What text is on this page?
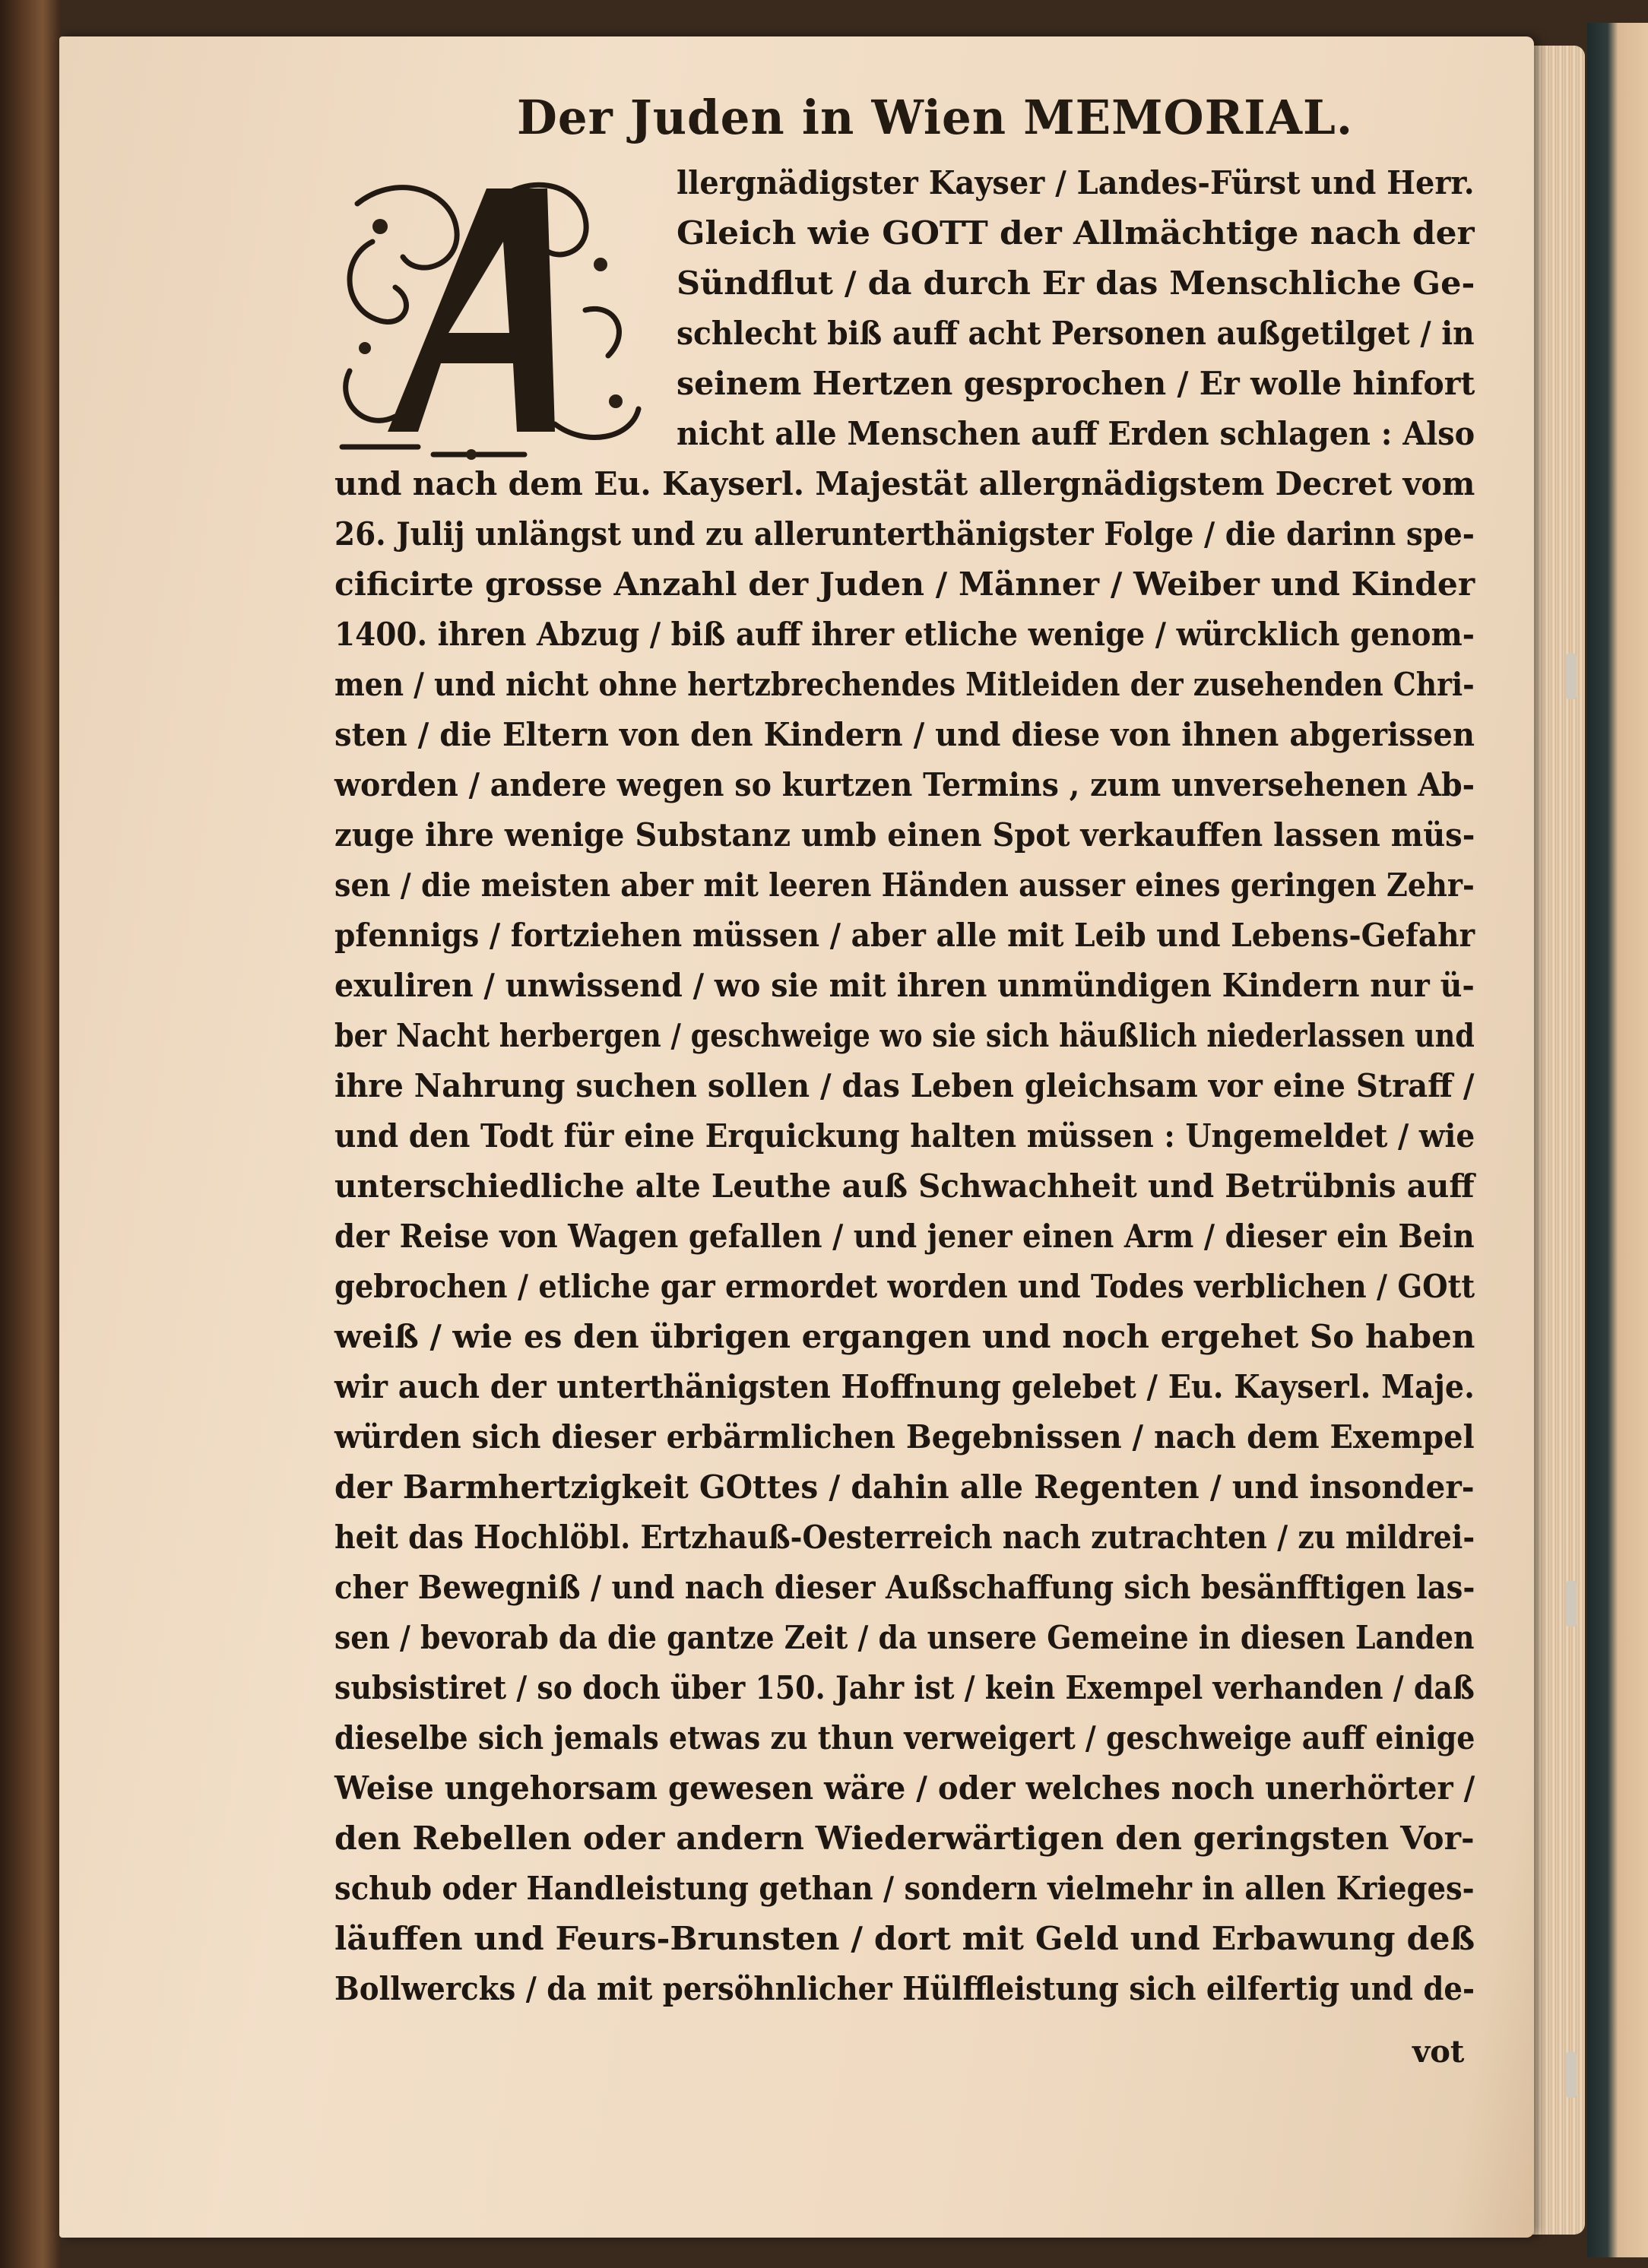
Der Juden in Wien MEMORIAL.
llergnädigster Kayser / Landes-Fürst und Herr.
Gleich wie GOTT der Allmächtige nach der
Sündflut / da durch Er das Menschliche Ge-
schlecht biß auff acht Personen außgetilget / in
seinem Hertzen gesprochen / Er wolle hinfort
nicht alle Menschen auff Erden schlagen : Also
und nach dem Eu. Kayserl. Majestät allergnädigstem Decret vom
26. Julij unlängst und zu allerunterthänigster Folge / die darinn spe-
cificirte grosse Anzahl der Juden / Männer / Weiber und Kinder
1400. ihren Abzug / biß auff ihrer etliche wenige / würcklich genom-
men / und nicht ohne hertzbrechendes Mitleiden der zusehenden Chri-
sten / die Eltern von den Kindern / und diese von ihnen abgerissen
worden / andere wegen so kurtzen Termins , zum unversehenen Ab-
zuge ihre wenige Substanz umb einen Spot verkauffen lassen müs-
sen / die meisten aber mit leeren Händen ausser eines geringen Zehr-
pfennigs / fortziehen müssen / aber alle mit Leib und Lebens-Gefahr
exuliren / unwissend / wo sie mit ihren unmündigen Kindern nur ü-
ber Nacht herbergen / geschweige wo sie sich häußlich niederlassen und
ihre Nahrung suchen sollen / das Leben gleichsam vor eine Straff /
und den Todt für eine Erquickung halten müssen : Ungemeldet / wie
unterschiedliche alte Leuthe auß Schwachheit und Betrübnis auff
der Reise von Wagen gefallen / und jener einen Arm / dieser ein Bein
gebrochen / etliche gar ermordet worden und Todes verblichen / GOtt
weiß / wie es den übrigen ergangen und noch ergehet So haben
wir auch der unterthänigsten Hoffnung gelebet / Eu. Kayserl. Maje.
würden sich dieser erbärmlichen Begebnissen / nach dem Exempel
der Barmhertzigkeit GOttes / dahin alle Regenten / und insonder-
heit das Hochlöbl. Ertzhauß-Oesterreich nach zutrachten / zu mildrei-
cher Bewegniß / und nach dieser Außschaffung sich besänfftigen las-
sen / bevorab da die gantze Zeit / da unsere Gemeine in diesen Landen
subsistiret / so doch über 150. Jahr ist / kein Exempel verhanden / daß
dieselbe sich jemals etwas zu thun verweigert / geschweige auff einige
Weise ungehorsam gewesen wäre / oder welches noch unerhörter /
den Rebellen oder andern Wiederwärtigen den geringsten Vor-
schub oder Handleistung gethan / sondern vielmehr in allen Krieges-
läuffen und Feurs-Brunsten / dort mit Geld und Erbawung deß
Bollwercks / da mit persöhnlicher Hülffleistung sich eilfertig und de-
vot
